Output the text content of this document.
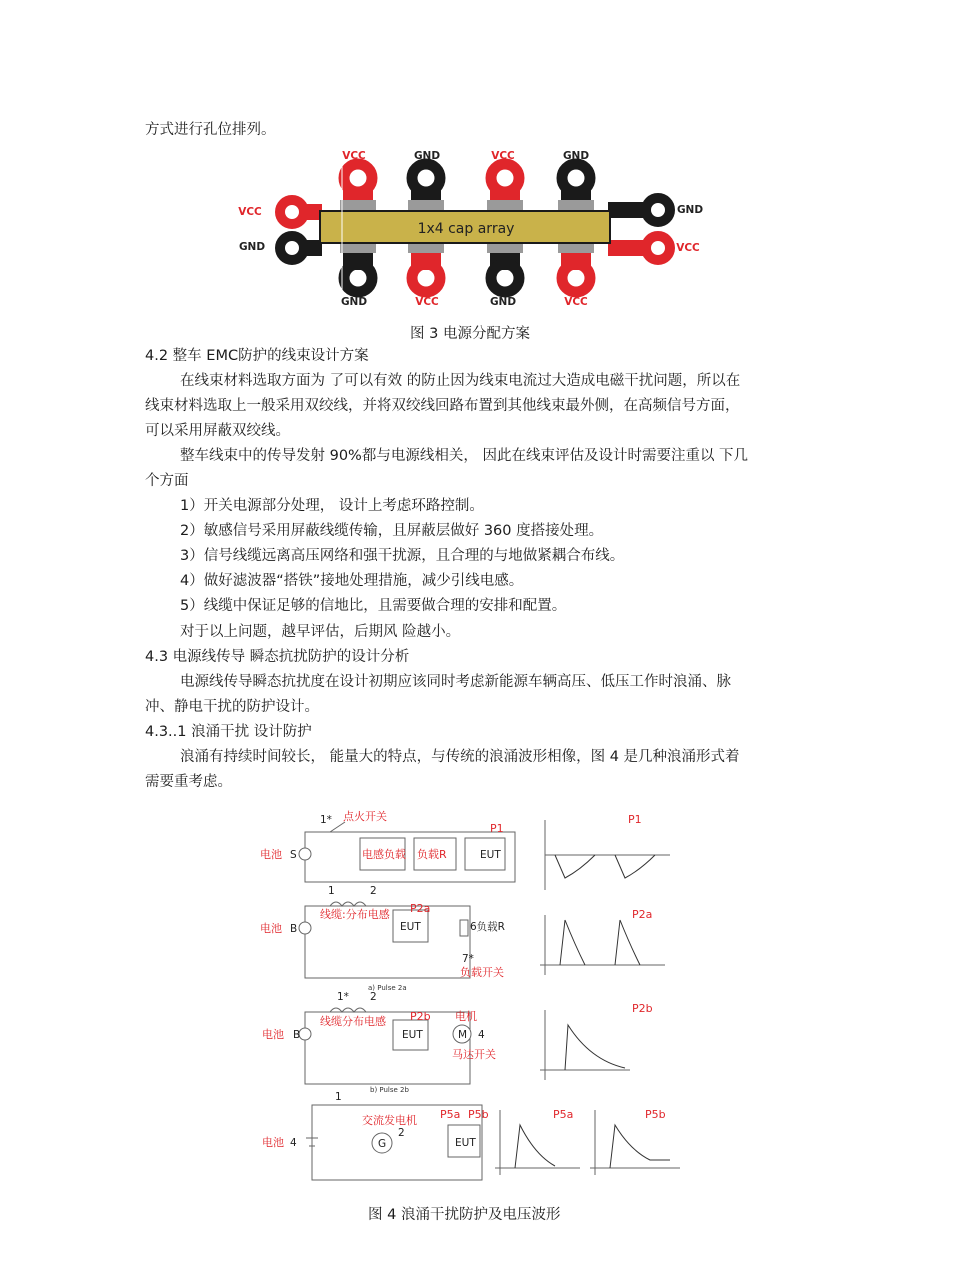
方式进行孔位排列。
1x4 cap array
VCC	GND	VCC	GND
GND	VCC	GND	VCC
VCC
GND
GND
VCC
图 3 电源分配方案
4.2 整车 EMC防护的线束设计方案
在线束材料选取方面为 了可以有效 的防止因为线束电流过大造成电磁干扰问题，所以在
线束材料选取上一般采用双绞线，并将双绞线回路布置到其他线束最外侧，在高频信号方面，
可以采用屏蔽双绞线。
整车线束中的传导发射 90%都与电源线相关， 因此在线束评估及设计时需要注重以 下几
个方面
1）开关电源部分处理， 设计上考虑环路控制。
2）敏感信号采用屏蔽线缆传输，且屏蔽层做好 360 度搭接处理。
3）信号线缆远离高压网络和强干扰源，且合理的与地做紧耦合布线。
4）做好滤波器“搭铁”接地处理措施，减少引线电感。
5）线缆中保证足够的信地比，且需要做合理的安排和配置。
对于以上问题，越早评估，后期风 险越小。
4.3 电源线传导 瞬态抗扰防护的设计分析
电源线传导瞬态抗扰度在设计初期应该同时考虑新能源车辆高压、低压工作时浪涌、脉
冲、静电干扰的防护设计。
4.3..1 浪涌干扰 设计防护
浪涌有持续时间较长， 能量大的特点，与传统的浪涌波形相像，图 4 是几种浪涌形式着
需要重考虑。
电池 S
1* 点火开关
电感负载 负载R	EUT
P1
电池 B
1	2
线缆:分布电感 P2a
EUT	6负载R
7*
负载开关
a) Pulse 2a
电池 B
1* 2
线缆分布电感 P2b
EUT
电机
M 4
马达开关
b) Pulse 2b
电池 4
1
交流发电机
G
2
P5a P5b
EUT
P1
P2a
P2b
P5a	P5b
图 4 浪涌干扰防护及电压波形
